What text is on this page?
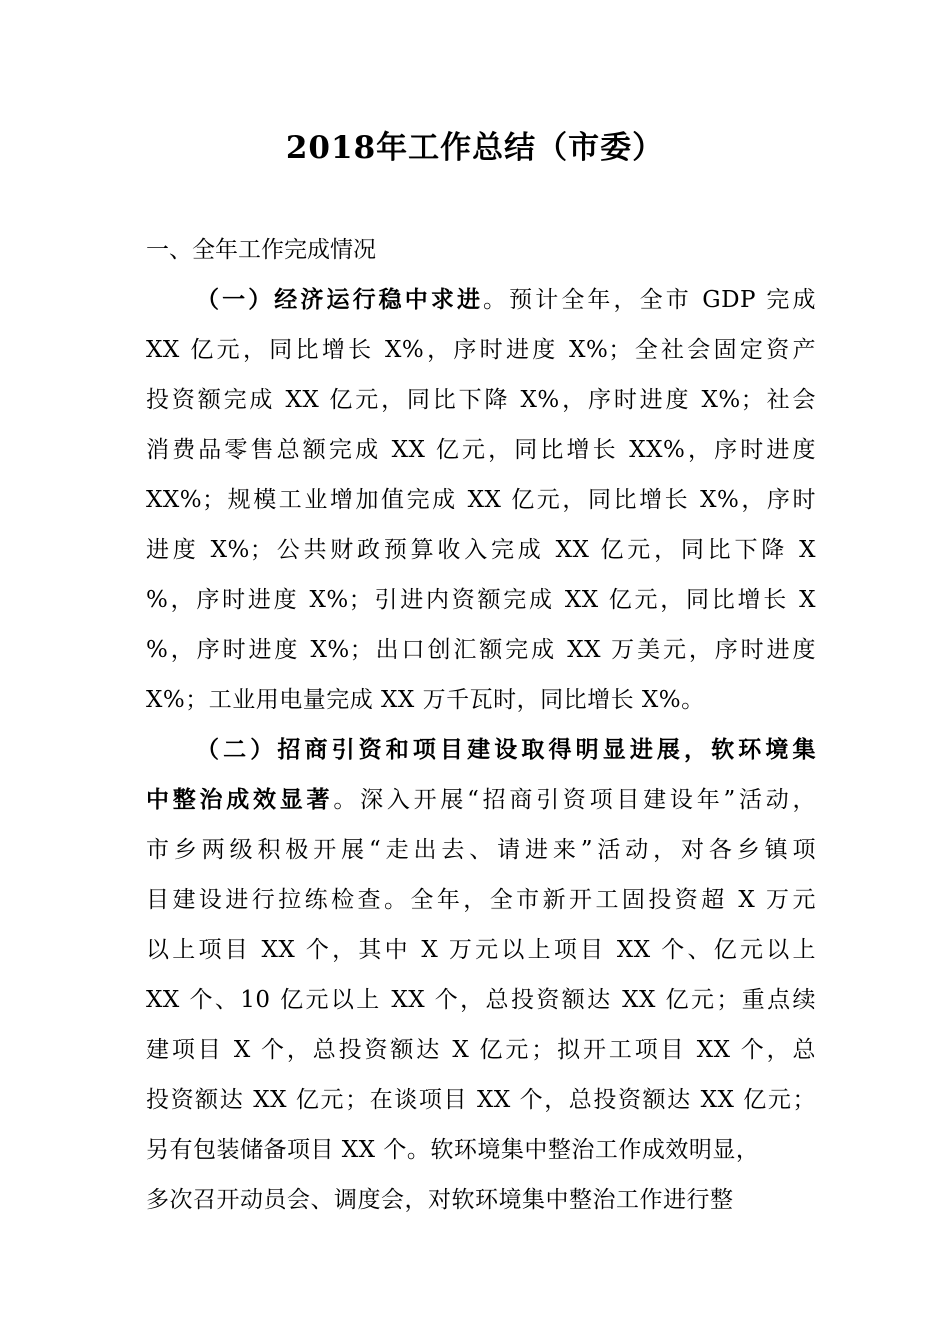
2018年工作总结（市委）
一、全年工作完成情况
（一）经济运行稳中求进。预计全年，全市 GDP 完成
XX 亿元，同比增长 X%，序时进度 X%；全社会固定资产
投资额完成 XX 亿元，同比下降 X%，序时进度 X%；社会
消费品零售总额完成 XX 亿元，同比增长 XX%，序时进度
XX%；规模工业增加值完成 XX 亿元，同比增长 X%，序时
进度 X%；公共财政预算收入完成 XX 亿元，同比下降 X
%，序时进度 X%；引进内资额完成 XX 亿元，同比增长 X
%，序时进度 X%；出口创汇额完成 XX 万美元，序时进度
X%；工业用电量完成 XX 万千瓦时，同比增长 X%。
（二）招商引资和项目建设取得明显进展，软环境集
中整治成效显著。深入开展“招商引资项目建设年”活动，
市乡两级积极开展“走出去、请进来”活动，对各乡镇项
目建设进行拉练检查。全年，全市新开工固投资超 X 万元
以上项目 XX 个，其中 X 万元以上项目 XX 个、亿元以上
XX 个、10 亿元以上 XX 个，总投资额达 XX 亿元；重点续
建项目 X 个，总投资额达 X 亿元；拟开工项目 XX 个，总
投资额达 XX 亿元；在谈项目 XX 个，总投资额达 XX 亿元；
另有包装储备项目 XX 个。软环境集中整治工作成效明显，
多次召开动员会、调度会，对软环境集中整治工作进行整
